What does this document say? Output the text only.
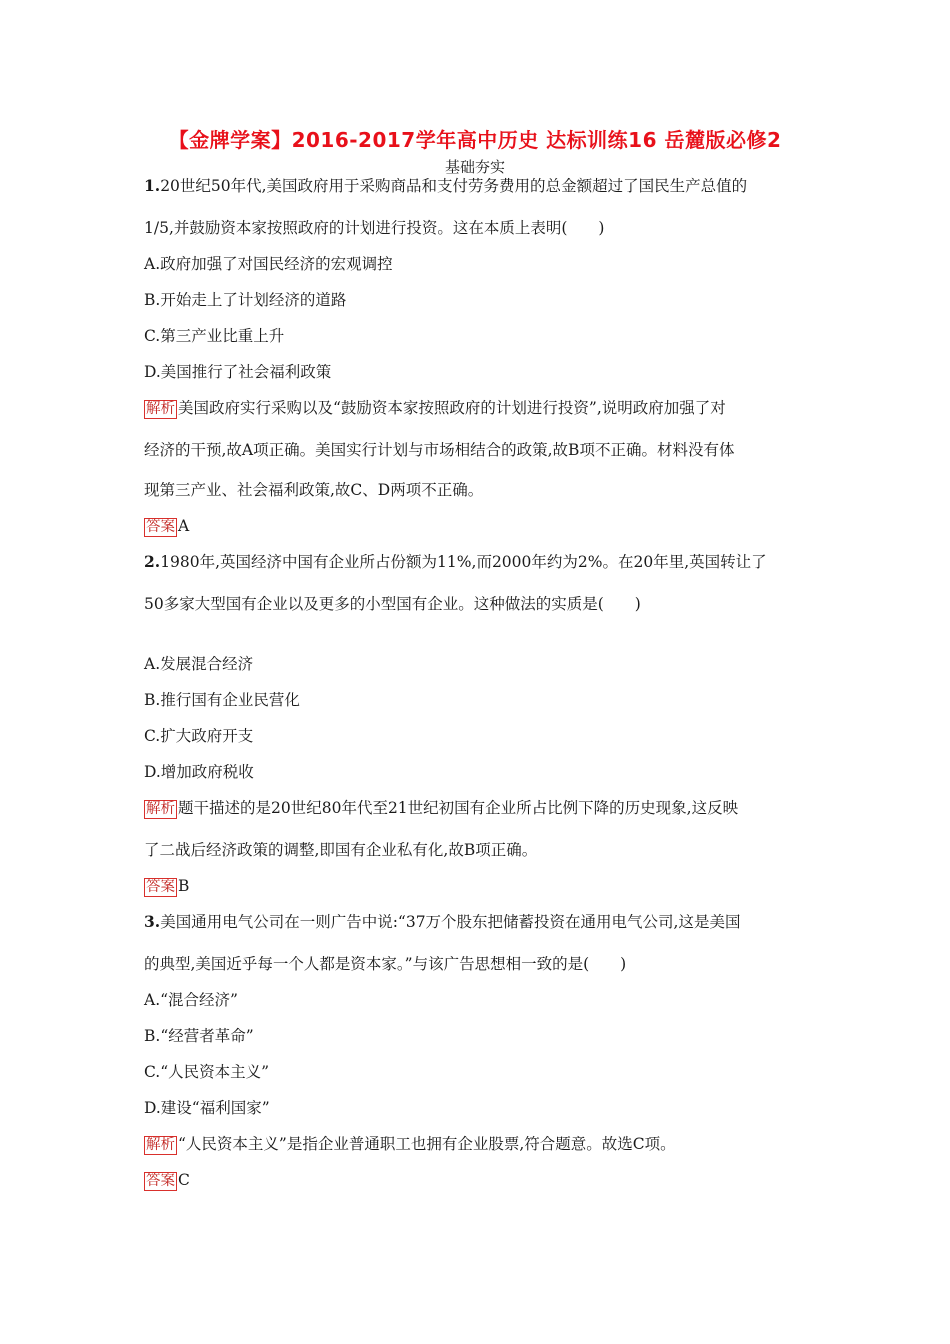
【金牌学案】2016-2017学年高中历史 达标训练16 岳麓版必修2
基础夯实
1.20世纪50年代,美国政府用于采购商品和支付劳务费用的总金额超过了国民生产总值的
1/5,并鼓励资本家按照政府的计划进行投资。这在本质上表明(　　)
A.政府加强了对国民经济的宏观调控
B.开始走上了计划经济的道路
C.第三产业比重上升
D.美国推行了社会福利政策
解析 美国政府实行采购以及“鼓励资本家按照政府的计划进行投资”,说明政府加强了对
经济的干预,故A项正确。美国实行计划与市场相结合的政策,故B项不正确。材料没有体
现第三产业、社会福利政策,故C、D两项不正确。
答案 A
2.1980年,英国经济中国有企业所占份额为11%,而2000年约为2%。在20年里,英国转让了
50多家大型国有企业以及更多的小型国有企业。这种做法的实质是(　　)
A.发展混合经济
B.推行国有企业民营化
C.扩大政府开支
D.增加政府税收
解析 题干描述的是20世纪80年代至21世纪初国有企业所占比例下降的历史现象,这反映
了二战后经济政策的调整,即国有企业私有化,故B项正确。
答案 B
3.美国通用电气公司在一则广告中说:“37万个股东把储蓄投资在通用电气公司,这是美国
的典型,美国近乎每一个人都是资本家。”与该广告思想相一致的是(　　)
A.“混合经济”
B.“经营者革命”
C.“人民资本主义”
D.建设“福利国家”
解析 “人民资本主义”是指企业普通职工也拥有企业股票,符合题意。故选C项。
答案 C
